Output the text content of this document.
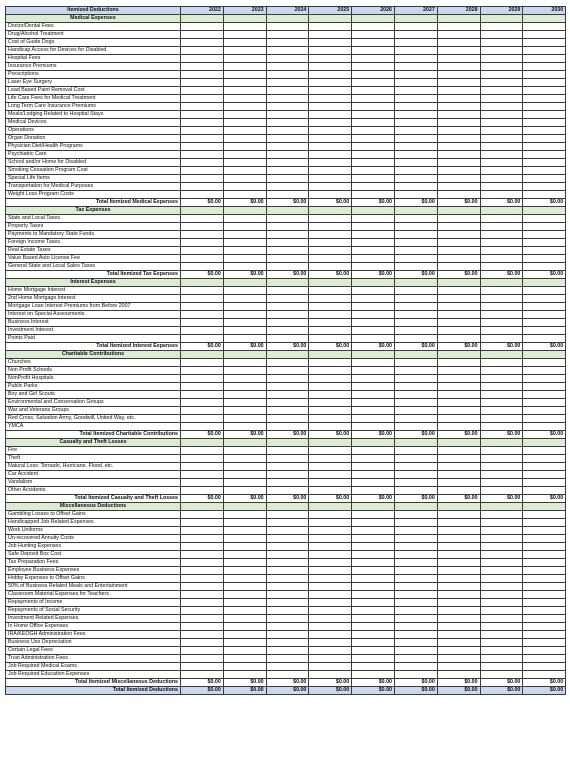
Itemized Deductions	2022	2023	2024	2025	2026	2027	2028	2029	2030
Medical Expenses									
Doctor/Dental Fees									
Drug/Alcohol Treatment									
Cost of Guide Dogs									
Handicap Access for Devices for Disabled									
Hospital Fees									
Insurance Premiums									
Prescriptions									
Laser Eye Surgery									
Lead Based Paint Removal Cost									
Life Care Fees for Medical Treatment									
Long Term Care Insurance Premiums									
Meals/Lodging Related to Hospital Stays									
Medical Devices									
Operations									
Organ Donation									
Physician Diet/Health Programs									
Psychiatric Care									
School and/or Home for Disabled									
Smoking Cessation Program Cost									
Special Life Items									
Transportation for Medical Purposes									
Weight Loss Program Costs									
Total Itemized Medical Expenses	$0.00	$0.00	$0.00	$0.00	$0.00	$0.00	$0.00	$0.00	$0.00
Tax Expenses									
State and Local Taxes									
Property Taxes									
Payments to Mandatory State Funds									
Foreign Income Taxes									
Real Estate Taxes									
Value Based Auto License Fee									
General State and Local Sales Taxes									
Total Itemized Tax Expenses	$0.00	$0.00	$0.00	$0.00	$0.00	$0.00	$0.00	$0.00	$0.00
Interest Expenses									
Home Mortgage Interest									
2nd Home Mortgage Interest									
Mortgage Loan Interest Premiums from Before 2007									
Interest on Special Assessments									
Business Interest									
Investment Interest									
Points Paid									
Total Itemized Interest Expenses	$0.00	$0.00	$0.00	$0.00	$0.00	$0.00	$0.00	$0.00	$0.00
Charitable Contributions									
Churches									
Non Profit Schools									
NonProfit Hospitals									
Public Parks									
Boy and Girl Scouts									
Environmental and Conservation Groups									
War and Veterans Groups									
Red Cross, Salvation Army, Goodwill, United Way, etc.									
YMCA									
Total Itemized Charitable Contributions	$0.00	$0.00	$0.00	$0.00	$0.00	$0.00	$0.00	$0.00	$0.00
Casualty and Theft Losses									
Fire									
Theft									
Natural Loss: Tornado, Hurricane, Flood, etc.									
Car Accident									
Vandalism									
Other Accidents									
Total Itemized Casualty and Theft Losses	$0.00	$0.00	$0.00	$0.00	$0.00	$0.00	$0.00	$0.00	$0.00
Miscellaneous Deductions									
Gambling Losses to Offset Gains									
Handicapped Job Related Expenses									
Work Uniforms									
Un-recovered Annuity Costs									
Job Hunting Expenses									
Safe Deposit Box Cost									
Tax Preparation Fees									
Employee Business Expenses									
Hobby Expenses to Offset Gains									
50% of Business Related Meals and Entertainment									
Classroom Material Expenses for Teachers									
Repayments of Income									
Repayments of Social Security									
Investment Related Expenses									
In Home Office Expenses									
IRA/KEOGH Administration Fees									
Business Use Depreciation									
Certain Legal Fees									
Trust Administration Fees									
Job Required Medical Exams									
Job Required Education Expenses									
Total Itemized Miscellaneous Deductions	$0.00	$0.00	$0.00	$0.00	$0.00	$0.00	$0.00	$0.00	$0.00
Total Itemized Deductions	$0.00	$0.00	$0.00	$0.00	$0.00	$0.00	$0.00	$0.00	$0.00
